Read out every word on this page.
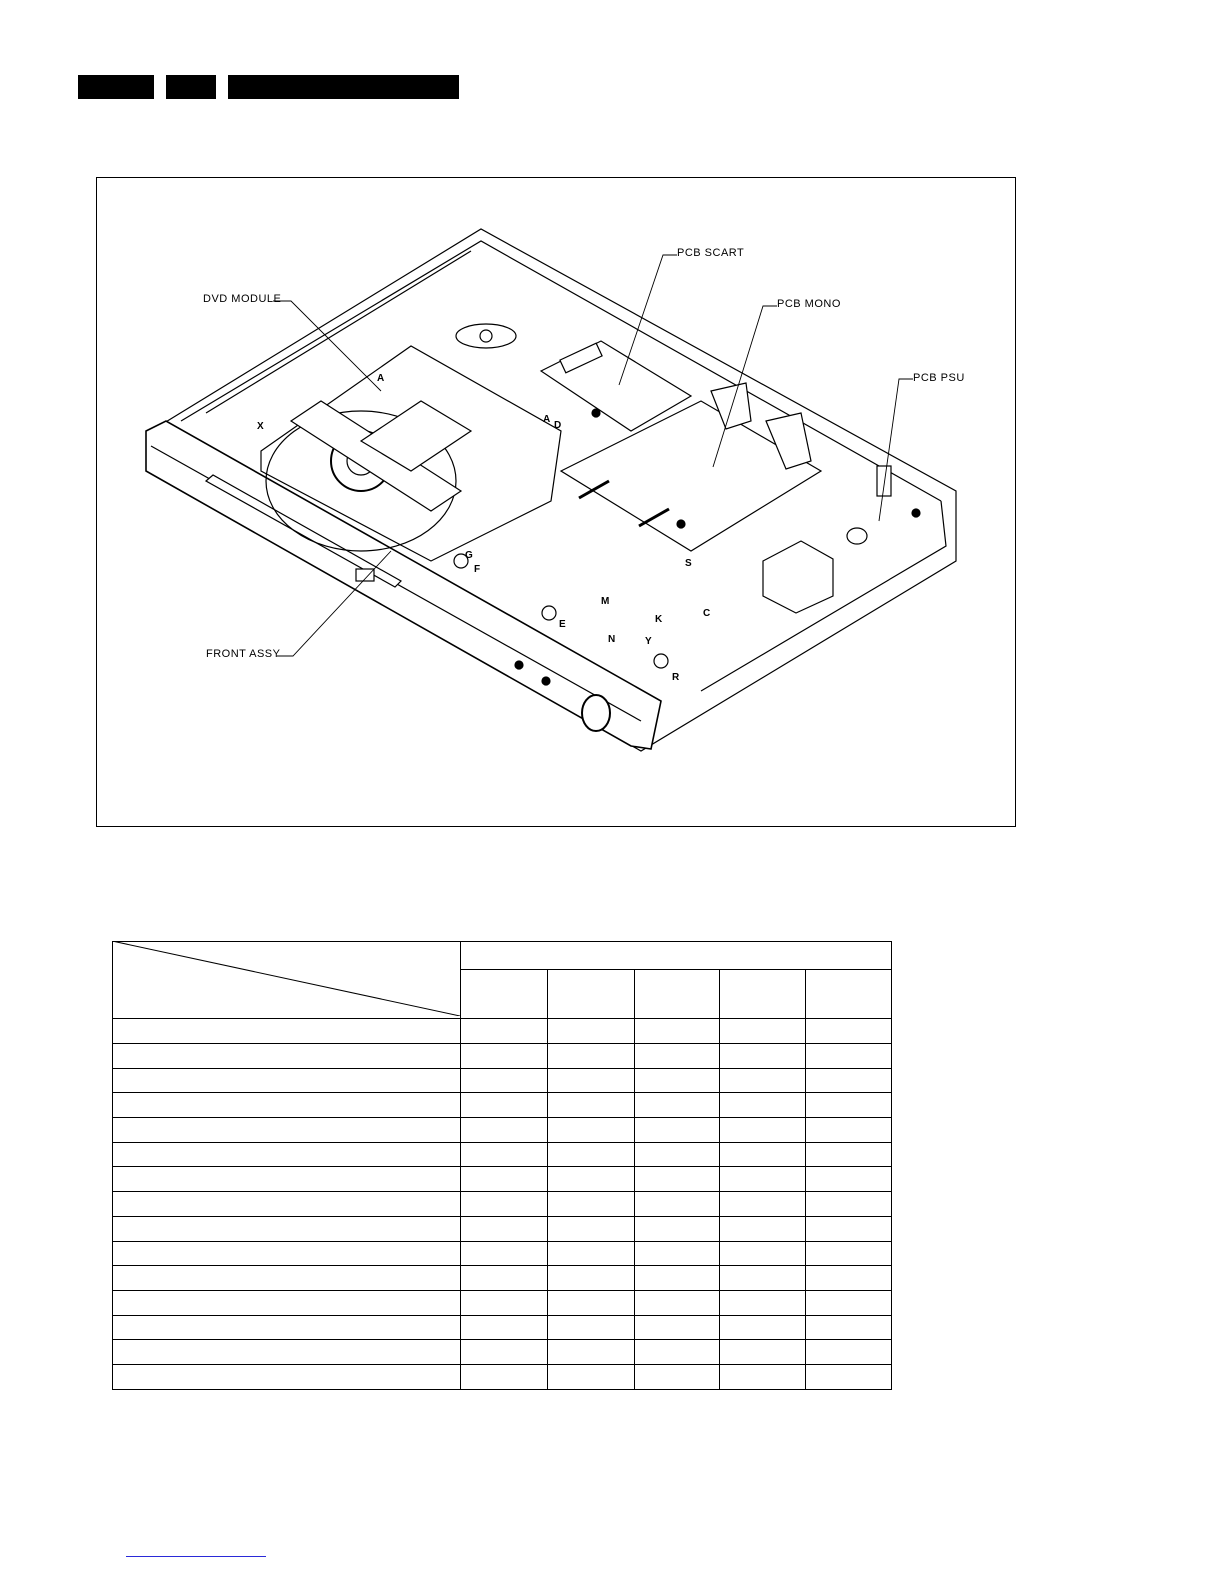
DVD MODULE
PCB SCART
PCB MONO
PCB PSU
FRONT ASSY
A
A
C
D
E
F
G
K
M
N
R
S
X
Y
